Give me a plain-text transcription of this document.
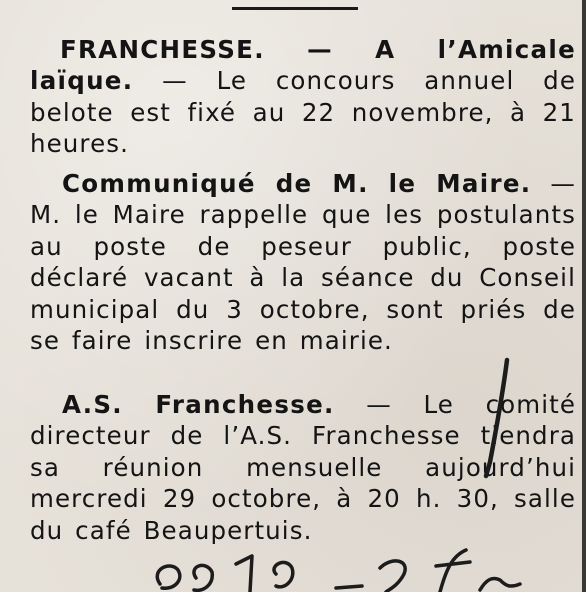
FRANCHESSE. — A l’Amicale laïque. — Le concours annuel de belote est fixé au 22 novembre, à 21 heures.

Communiqué de M. le Maire. — M. le Maire rappelle que les postulants au poste de peseur public, poste déclaré vacant à la séance du Conseil municipal du 3 octobre, sont priés de se faire inscrire en mairie.

A.S. Franchesse. — Le comité directeur de l’A.S. Franchesse tiendra sa réunion mensuelle aujourd’hui mercredi 29 octobre, à 20 h. 30, salle du café Beaupertuis.
